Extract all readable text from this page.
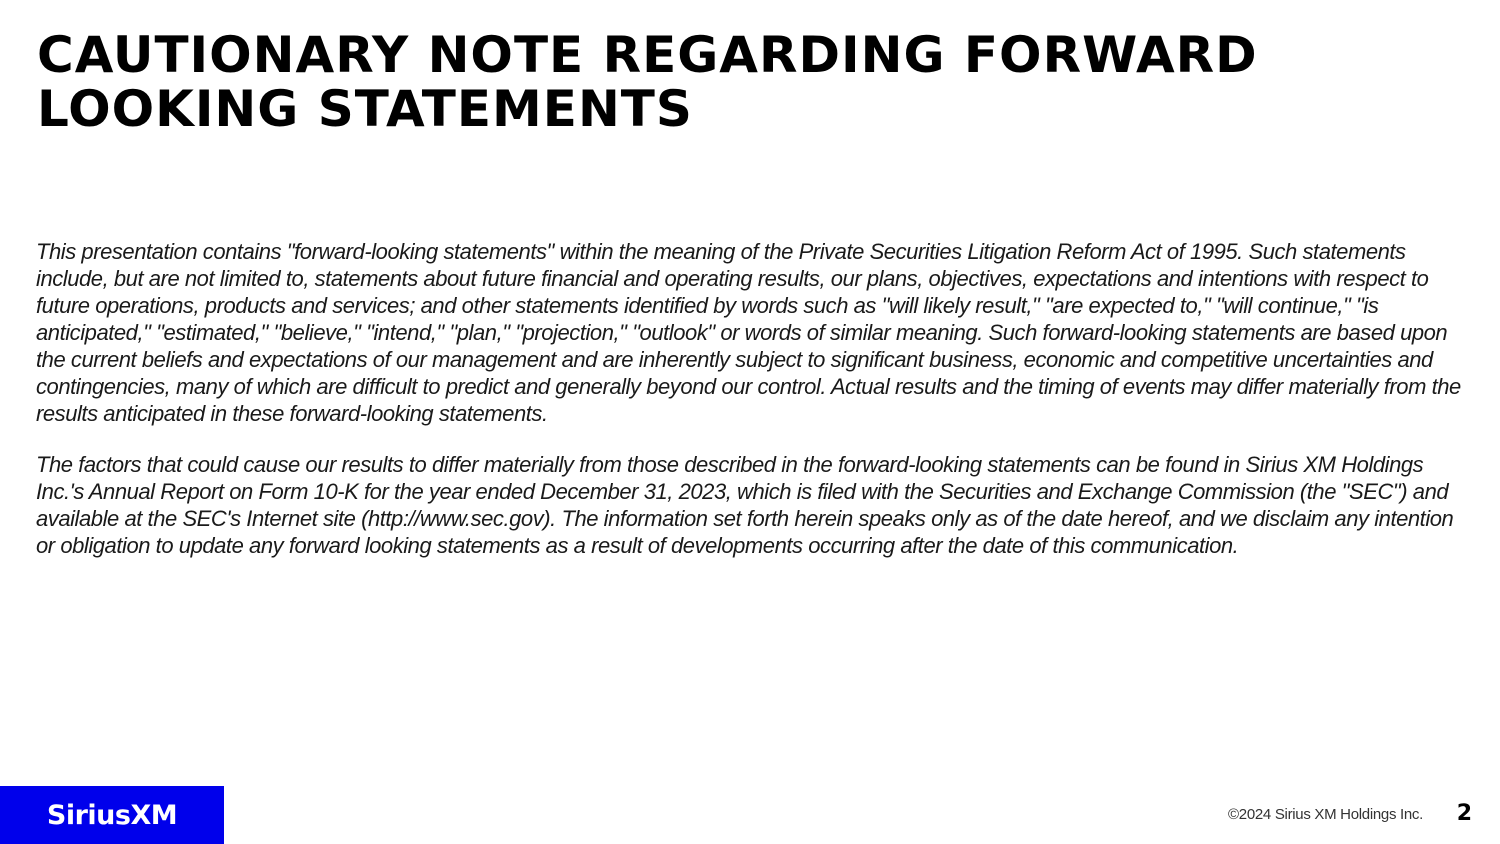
CAUTIONARY NOTE REGARDING FORWARD LOOKING STATEMENTS

This presentation contains "forward-looking statements" within the meaning of the Private Securities Litigation Reform Act of 1995. Such statements include, but are not limited to, statements about future financial and operating results, our plans, objectives, expectations and intentions with respect to future operations, products and services; and other statements identified by words such as "will likely result," "are expected to," "will continue," "is anticipated," "estimated," "believe," "intend," "plan," "projection," "outlook" or words of similar meaning. Such forward-looking statements are based upon the current beliefs and expectations of our management and are inherently subject to significant business, economic and competitive uncertainties and contingencies, many of which are difficult to predict and generally beyond our control. Actual results and the timing of events may differ materially from the results anticipated in these forward-looking statements.

The factors that could cause our results to differ materially from those described in the forward-looking statements can be found in Sirius XM Holdings Inc.'s Annual Report on Form 10-K for the year ended December 31, 2023, which is filed with the Securities and Exchange Commission (the "SEC") and available at the SEC's Internet site (http://www.sec.gov). The information set forth herein speaks only as of the date hereof, and we disclaim any intention or obligation to update any forward looking statements as a result of developments occurring after the date of this communication.

SiriusXM	©2024 Sirius XM Holdings Inc. 2
